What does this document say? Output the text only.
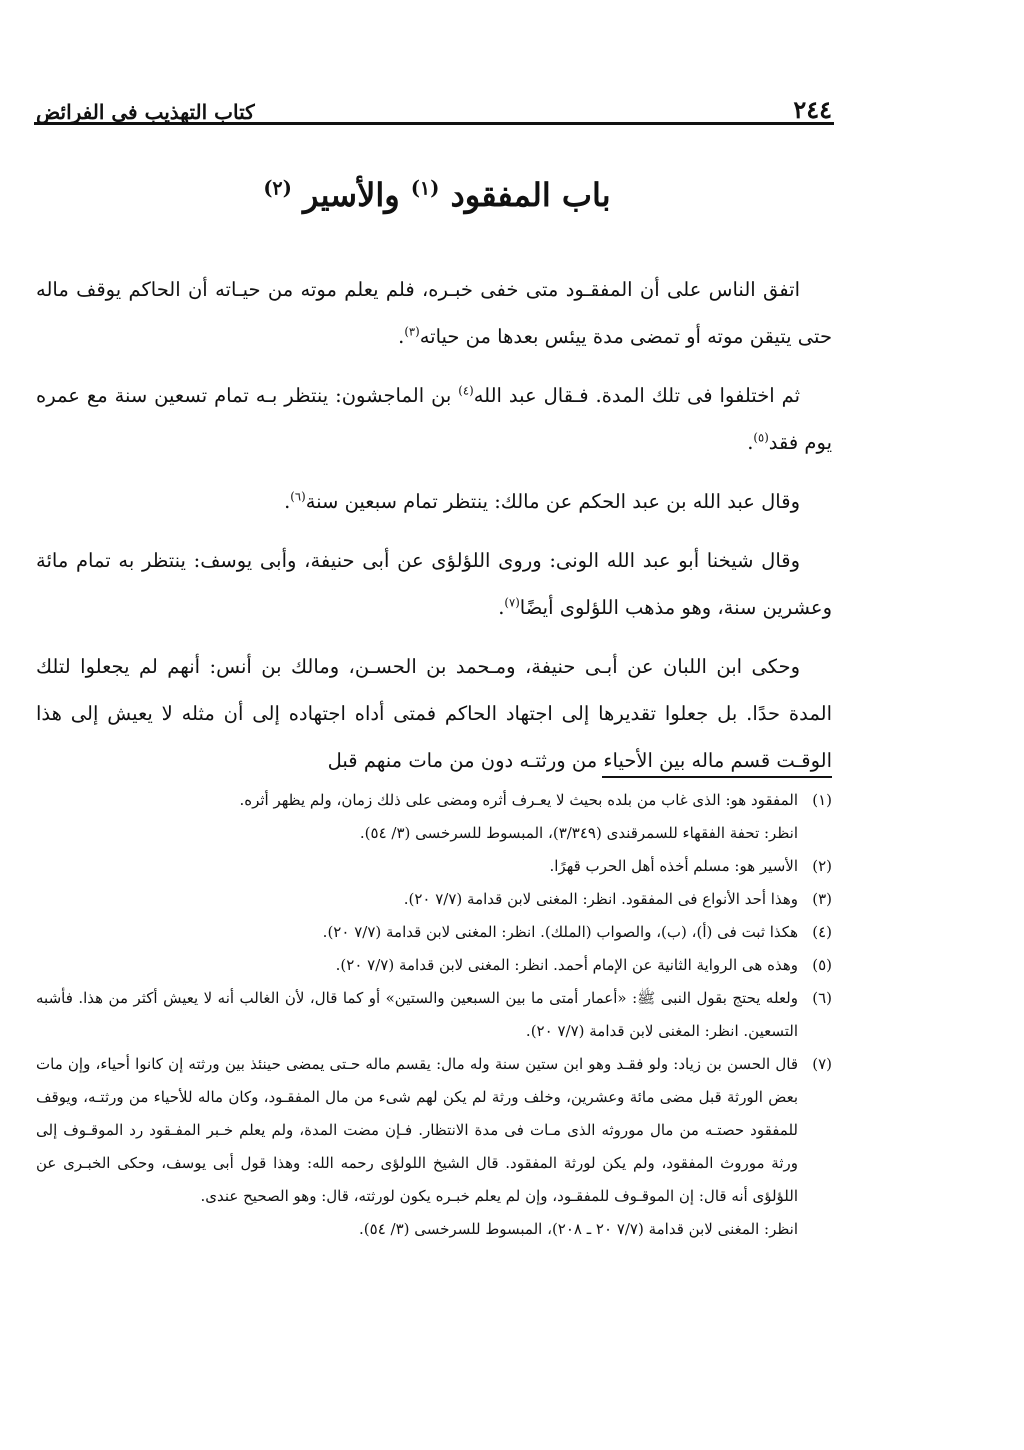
٢٤٤
كتاب التهذيب فى الفرائض
باب المفقود $^{(١)}$ والأسير $^{(٢)}$

اتفق الناس على أن المفقـود متى خفى خبـره، فلم يعلم موته من حيـاته أن الحاكم يوقف ماله حتى يتيقن موته أو تمضى مدة ييئس بعدها من حياته$^{(٣)}$.

ثم اختلفوا فى تلك المدة. فـقال عبد الله$^{(٤)}$ بن الماجشون: ينتظر بـه تمام تسعين سنة مع عمره يوم فقد$^{(٥)}$.

وقال عبد الله بن عبد الحكم عن مالك: ينتظر تمام سبعين سنة$^{(٦)}$.

وقال شيخنا أبو عبد الله الونى: وروى اللؤلؤى عن أبى حنيفة، وأبى يوسف: ينتظر به تمام مائة وعشرين سنة، وهو مذهب اللؤلوى أيضًا$^{(٧)}$.

وحكى ابن اللبان عن أبـى حنيفة، ومـحمد بن الحسـن، ومالك بن أنس: أنهم لم يجعلوا لتلك المدة حدًا. بل جعلوا تقديرها إلى اجتهاد الحاكم فمتى أداه اجتهاده إلى أن مثله لا يعيش إلى هذا الوقـت قسم ماله بين الأحياء من ورثتـه دون من مات منهم قبل

(١)
المفقود هو: الذى غاب من بلده بحيث لا يعـرف أثره ومضى على ذلك زمان، ولم يظهر أثره.
انظر: تحفة الفقهاء للسمرقندى (٣/٣٤٩)، المبسوط للسرخسى (٣/ ٥٤).
(٢)
الأسير هو: مسلم أخذه أهل الحرب قهرًا.
(٣)
وهذا أحد الأنواع فى المفقود. انظر: المغنى لابن قدامة (٧/٧ ٢٠).
(٤)
هكذا ثبت فى (أ)، (ب)، والصواب (الملك). انظر: المغنى لابن قدامة (٧/٧ ٢٠).
(٥)
وهذه هى الرواية الثانية عن الإمام أحمد. انظر: المغنى لابن قدامة (٧/٧ ٢٠).
(٦)
ولعله يحتج بقول النبى ﷺ: «أعمار أمتى ما بين السبعين والستين» أو كما قال، لأن الغالب أنه لا يعيش أكثر من هذا. فأشبه التسعين. انظر: المغنى لابن قدامة (٧/٧ ٢٠).
(٧)
قال الحسن بن زياد: ولو فقـد وهو ابن ستين سنة وله مال: يقسم ماله حـتى يمضى حينئذ بين ورثته إن كانوا أحياء، وإن مات بعض الورثة قبل مضى مائة وعشرين، وخلف ورثة لم يكن لهم شىء من مال المفقـود، وكان ماله للأحياء من ورثتـه، ويوقف للمفقود حصتـه من مال موروثه الذى مـات فى مدة الانتظار. فـإن مضت المدة، ولم يعلم خـبر المفـقود رد الموقـوف إلى ورثة موروث المفقود، ولم يكن لورثة المفقود. قال الشيخ اللولؤى رحمه الله: وهذا قول أبى يوسف، وحكى الخبـرى عن اللؤلؤى أنه قال: إن الموقـوف للمفقـود، وإن لم يعلم خبـره يكون لورثته، قال: وهو الصحيح عندى.
انظر: المغنى لابن قدامة (٧/٧ ٢٠ ـ ٢٠٨)، المبسوط للسرخسى (٣/ ٥٤).
